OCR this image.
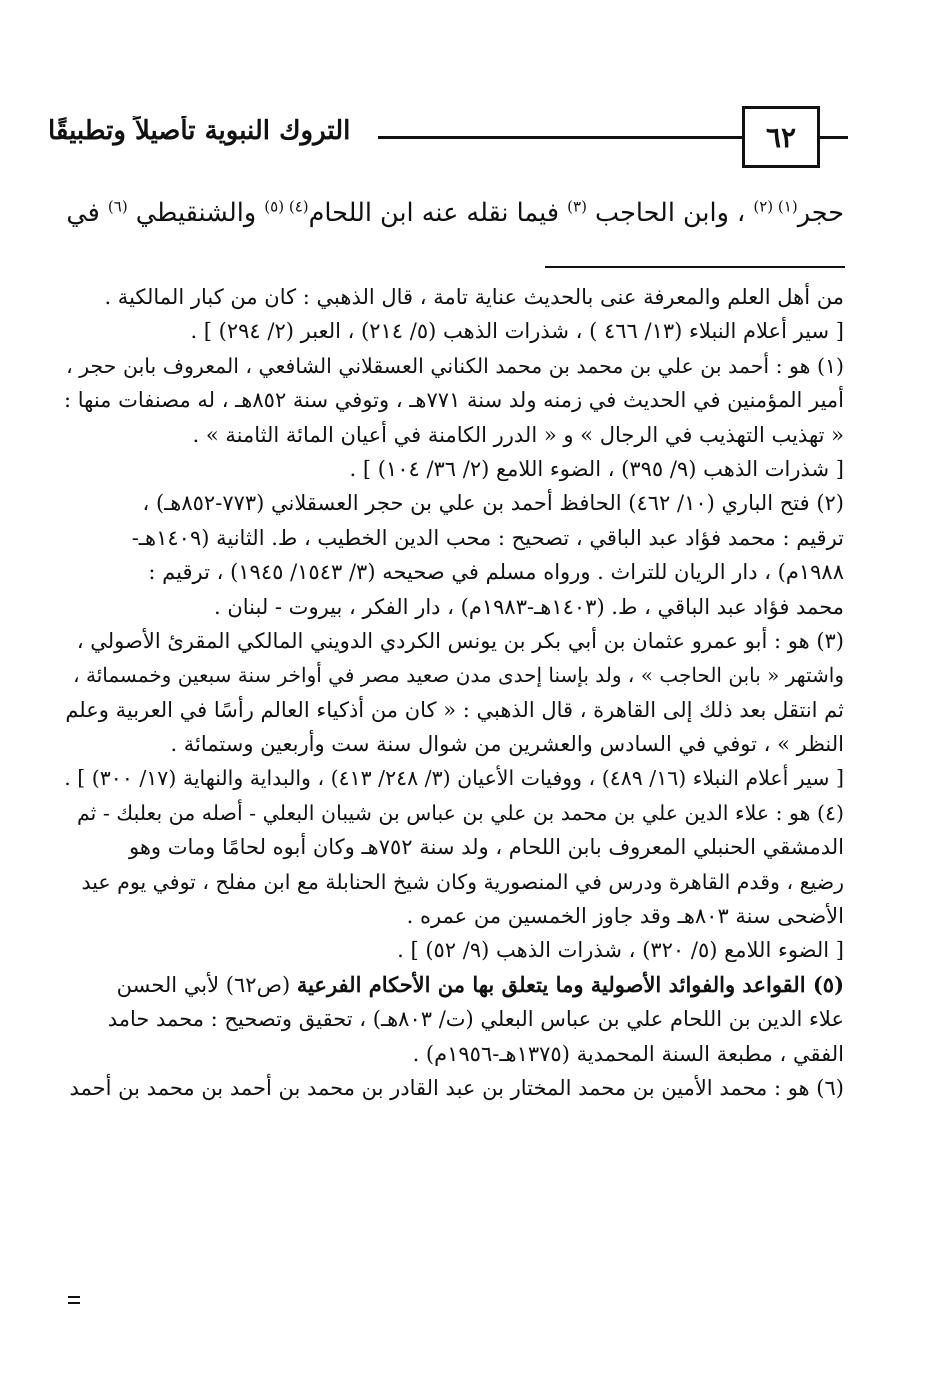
التروك النبوية تأصيلاً وتطبيقًا	٦٢
حجر$^{(١) (٢)}$ ، وابن الحاجب $^{(٣)}$ فيما نقله عنه ابن اللحام$^{(٤) (٥)}$ والشنقيطي $^{(٦)}$ في
من أهل العلم والمعرفة عنى بالحديث عناية تامة ، قال الذهبي : كان من كبار المالكية .
[ سير أعلام النبلاء (١٣/ ٤٦٦ ) ، شذرات الذهب (٥/ ٢١٤) ، العبر (٢/ ٢٩٤) ] .
(١) هو : أحمد بن علي بن محمد بن محمد الكناني العسقلاني الشافعي ، المعروف بابن حجر ،
أمير المؤمنين في الحديث في زمنه ولد سنة ٧٧١هـ ، وتوفي سنة ٨٥٢هـ ، له مصنفات منها :
« تهذيب التهذيب في الرجال » و « الدرر الكامنة في أعيان المائة الثامنة » .
[ شذرات الذهب (٩/ ٣٩٥) ، الضوء اللامع (٢/ ٣٦/ ١٠٤) ] .
(٢) فتح الباري (١٠/ ٤٦٢) الحافظ أحمد بن علي بن حجر العسقلاني (٧٧٣-٨٥٢هـ) ،
ترقيم : محمد فؤاد عبد الباقي ، تصحيح : محب الدين الخطيب ، ط. الثانية (١٤٠٩هـ-
١٩٨٨م) ، دار الريان للتراث . ورواه مسلم في صحيحه (٣/ ١٥٤٣/ ١٩٤٥) ، ترقيم :
محمد فؤاد عبد الباقي ، ط. (١٤٠٣هـ-١٩٨٣م) ، دار الفكر ، بيروت - لبنان .
(٣) هو : أبو عمرو عثمان بن أبي بكر بن يونس الكردي الدويني المالكي المقرئ الأصولي ،
واشتهر « بابن الحاجب » ، ولد بإسنا إحدى مدن صعيد مصر في أواخر سنة سبعين وخمسمائة ،
ثم انتقل بعد ذلك إلى القاهرة ، قال الذهبي : « كان من أذكياء العالم رأسًا في العربية وعلم
النظر » ، توفي في السادس والعشرين من شوال سنة ست وأربعين وستمائة .
[ سير أعلام النبلاء (١٦/ ٤٨٩) ، ووفيات الأعيان (٣/ ٢٤٨/ ٤١٣) ، والبداية والنهاية (١٧/ ٣٠٠) ] .
(٤) هو : علاء الدين علي بن محمد بن علي بن عباس بن شيبان البعلي - أصله من بعلبك - ثم
الدمشقي الحنبلي المعروف بابن اللحام ، ولد سنة ٧٥٢هـ وكان أبوه لحامًا ومات وهو
رضيع ، وقدم القاهرة ودرس في المنصورية وكان شيخ الحنابلة مع ابن مفلح ، توفي يوم عيد
الأضحى سنة ٨٠٣هـ وقد جاوز الخمسين من عمره .
[ الضوء اللامع (٥/ ٣٢٠) ، شذرات الذهب (٩/ ٥٢) ] .
(٥) القواعد والفوائد الأصولية وما يتعلق بها من الأحكام الفرعية (ص٦٢) لأبي الحسن
علاء الدين بن اللحام علي بن عباس البعلي (ت/ ٨٠٣هـ) ، تحقيق وتصحيح : محمد حامد
الفقي ، مطبعة السنة المحمدية (١٣٧٥هـ-١٩٥٦م) .
(٦) هو : محمد الأمين بن محمد المختار بن عبد القادر بن محمد بن أحمد بن محمد بن أحمد
